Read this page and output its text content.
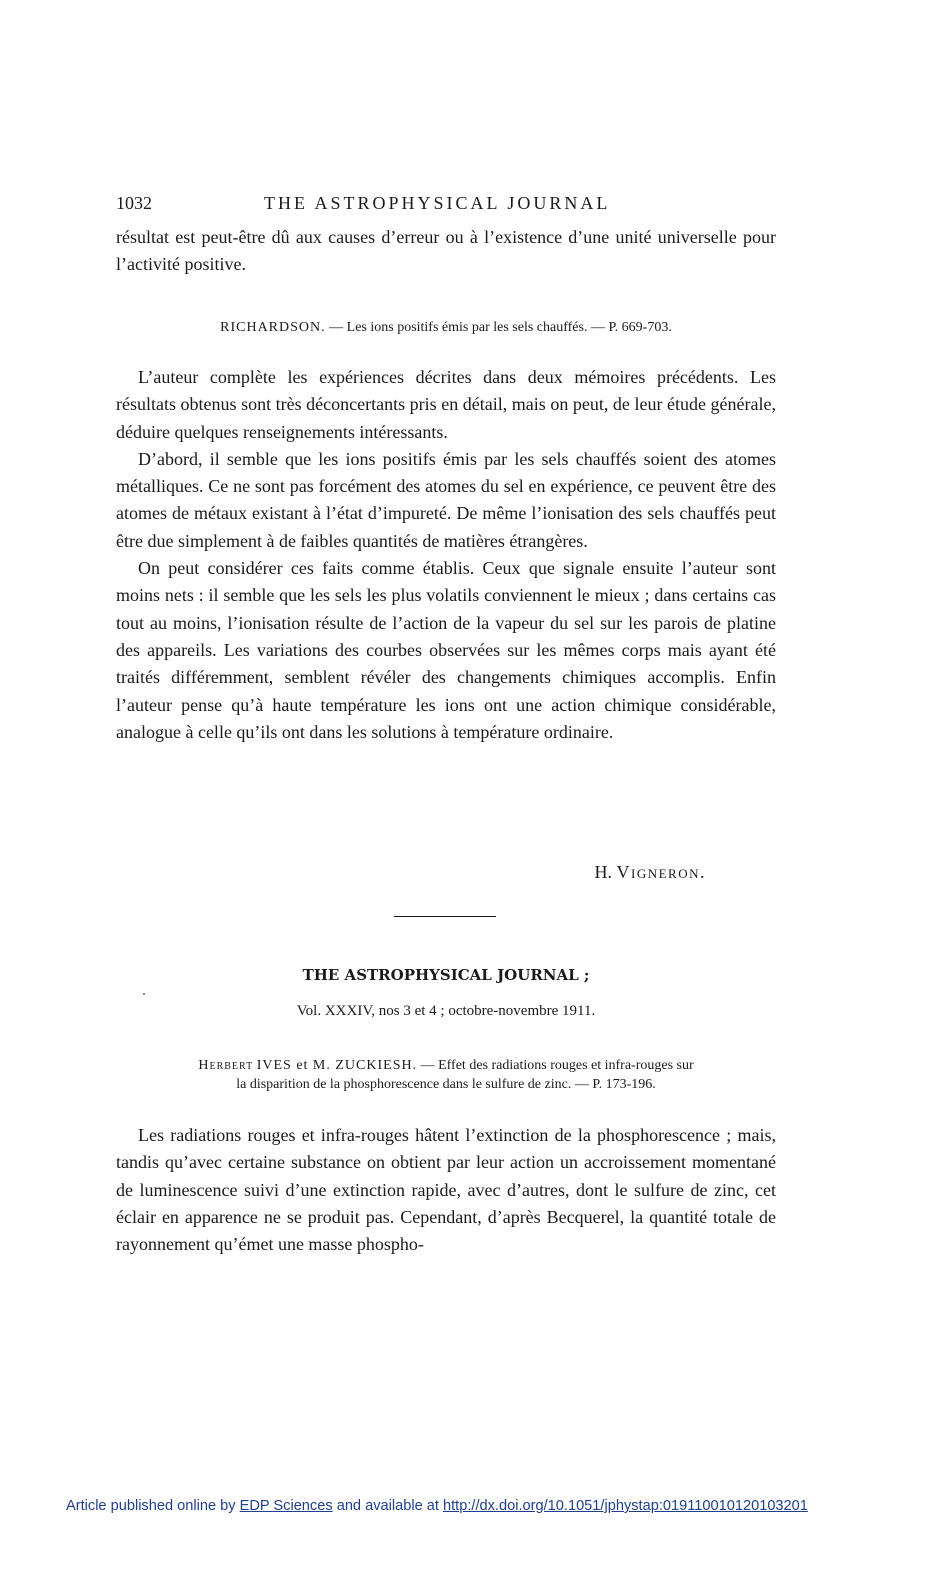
1032	THE ASTROPHYSICAL JOURNAL

résultat est peut-être dû aux causes d’erreur ou à l’existence d’une unité universelle pour l’activité positive.

RICHARDSON. — Les ions positifs émis par les sels chauffés. — P. 669-703.

L’auteur complète les expériences décrites dans deux mémoires précédents. Les résultats obtenus sont très déconcertants pris en détail, mais on peut, de leur étude générale, déduire quelques renseignements intéressants.

D’abord, il semble que les ions positifs émis par les sels chauffés soient des atomes métalliques. Ce ne sont pas forcément des atomes du sel en expérience, ce peuvent être des atomes de métaux existant à l’état d’impureté. De même l’ionisation des sels chauffés peut être due simplement à de faibles quantités de matières étrangères.

On peut considérer ces faits comme établis. Ceux que signale ensuite l’auteur sont moins nets : il semble que les sels les plus volatils conviennent le mieux ; dans certains cas tout au moins, l’ionisation résulte de l’action de la vapeur du sel sur les parois de platine des appareils. Les variations des courbes observées sur les mêmes corps mais ayant été traités différemment, semblent révéler des changements chimiques accomplis. Enfin l’auteur pense qu’à haute température les ions ont une action chimique considérable, analogue à celle qu’ils ont dans les solutions à température ordinaire.

H. Vigneron.
THE ASTROPHYSICAL JOURNAL ;
Vol. XXXIV, nos 3 et 4 ; octobre-novembre 1911.
Herbert IVES et M. ZUCKIESH. — Effet des radiations rouges et infra-rouges sur
la disparition de la phosphorescence dans le sulfure de zinc. — P. 173-196.

Les radiations rouges et infra-rouges hâtent l’extinction de la phosphorescence ; mais, tandis qu’avec certaine substance on obtient par leur action un accroissement momentané de luminescence suivi d’une extinction rapide, avec d’autres, dont le sulfure de zinc, cet éclair en apparence ne se produit pas. Cependant, d’après Becquerel, la quantité totale de rayonnement qu’émet une masse phospho-

Article published online by EDP Sciences and available at http://dx.doi.org/10.1051/jphystap:019110010120103201
